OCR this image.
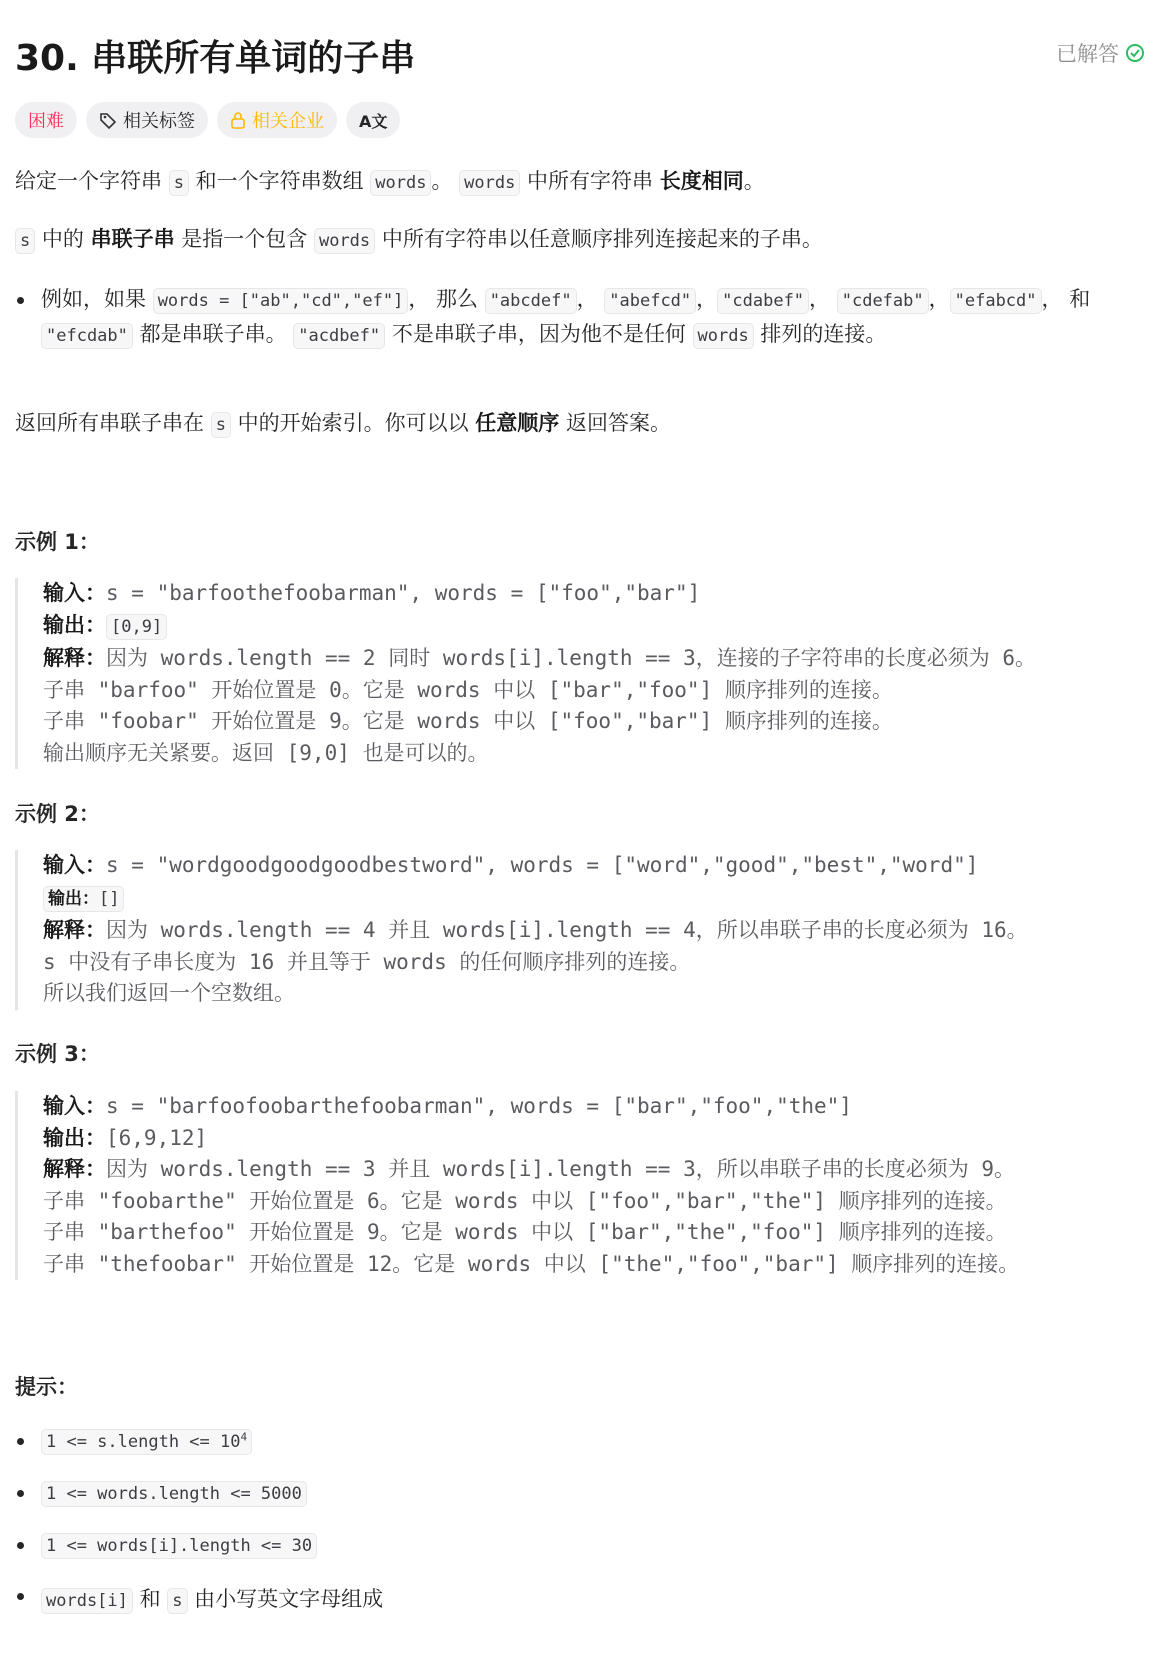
30. 串联所有单词的子串	已解答
困难	相关标签	相关企业	A文
给定一个字符串 s 和一个字符串数组 words 。 words 中所有字符串 长度相同。
s 中的 串联子串 是指一个包含 words 中所有字符串以任意顺序排列连接起来的子串。
例如，如果 words = ["ab","cd","ef"] ， 那么 "abcdef" ， "abefcd" ， "cdabef" ， "cdefab" ， "efabcd" ， 和 "efcdab" 都是串联子串。 "acdbef" 不是串联子串，因为他不是任何 words 排列的连接。
返回所有串联子串在 s 中的开始索引。你可以以 任意顺序 返回答案。
示例 1：
输入：s = "barfoothefoobarman", words = ["foo","bar"]
输出： [0,9]
解释：因为 words.length == 2 同时 words[i].length == 3，连接的子字符串的长度必须为 6。
子串 "barfoo" 开始位置是 0。它是 words 中以 ["bar","foo"] 顺序排列的连接。
子串 "foobar" 开始位置是 9。它是 words 中以 ["foo","bar"] 顺序排列的连接。
输出顺序无关紧要。返回 [9,0] 也是可以的。
示例 2：
输入：s = "wordgoodgoodgoodbestword", words = ["word","good","best","word"]
输出：[]
解释：因为 words.length == 4 并且 words[i].length == 4，所以串联子串的长度必须为 16。
s 中没有子串长度为 16 并且等于 words 的任何顺序排列的连接。
所以我们返回一个空数组。
示例 3：
输入：s = "barfoofoobarthefoobarman", words = ["bar","foo","the"]
输出：[6,9,12]
解释：因为 words.length == 3 并且 words[i].length == 3，所以串联子串的长度必须为 9。
子串 "foobarthe" 开始位置是 6。它是 words 中以 ["foo","bar","the"] 顺序排列的连接。
子串 "barthefoo" 开始位置是 9。它是 words 中以 ["bar","the","foo"] 顺序排列的连接。
子串 "thefoobar" 开始位置是 12。它是 words 中以 ["the","foo","bar"] 顺序排列的连接。
提示：
1 <= s.length <= $10^4$
1 <= words.length <= 5000
1 <= words[i].length <= 30
words[i] 和 s 由小写英文字母组成
